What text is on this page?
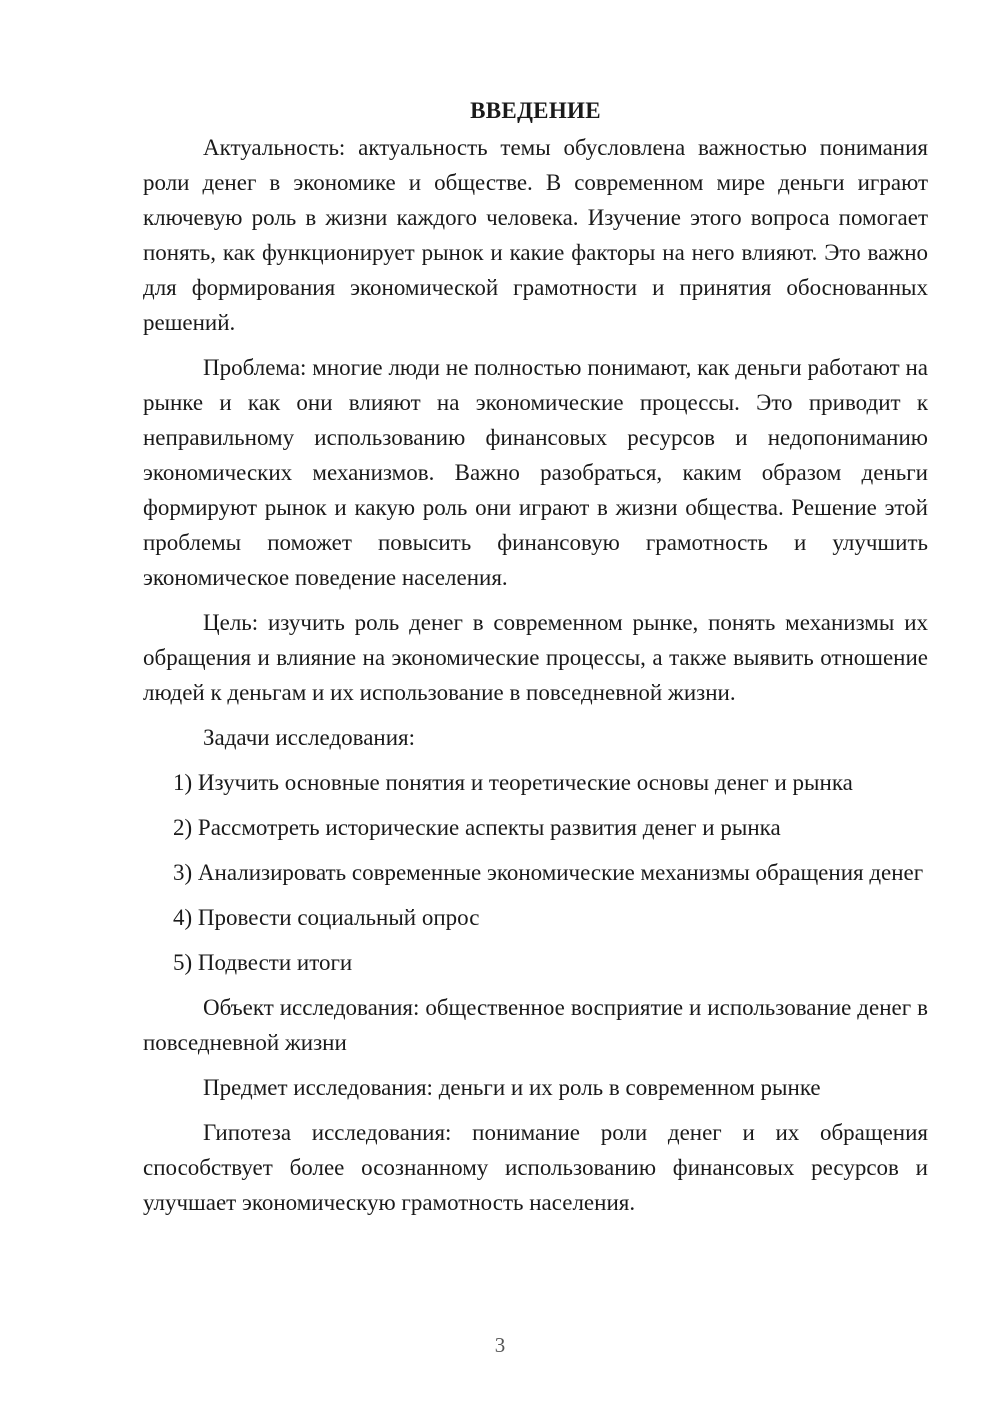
ВВЕДЕНИЕ

Актуальность: актуальность темы обусловлена важностью понимания роли денег в экономике и обществе. В современном мире деньги играют ключевую роль в жизни каждого человека. Изучение этого вопроса помогает понять, как функционирует рынок и какие факторы на него влияют. Это важно для формирования экономической грамотности и принятия обоснованных решений.

Проблема: многие люди не полностью понимают, как деньги работают на рынке и как они влияют на экономические процессы. Это приводит к неправильному использованию финансовых ресурсов и недопониманию экономических механизмов. Важно разобраться, каким образом деньги формируют рынок и какую роль они играют в жизни общества. Решение этой проблемы поможет повысить финансовую грамотность и улучшить экономическое поведение населения.

Цель: изучить роль денег в современном рынке, понять механизмы их обращения и влияние на экономические процессы, а также выявить отношение людей к деньгам и их использование в повседневной жизни.

Задачи исследования:

1) Изучить основные понятия и теоретические основы денег и рынка

2) Рассмотреть исторические аспекты развития денег и рынка

3) Анализировать современные экономические механизмы обращения денег

4) Провести социальный опрос

5) Подвести итоги

Объект исследования: общественное восприятие и использование денег в повседневной жизни

Предмет исследования: деньги и их роль в современном рынке

Гипотеза исследования: понимание роли денег и их обращения способствует более осознанному использованию финансовых ресурсов и улучшает экономическую грамотность населения.

3
